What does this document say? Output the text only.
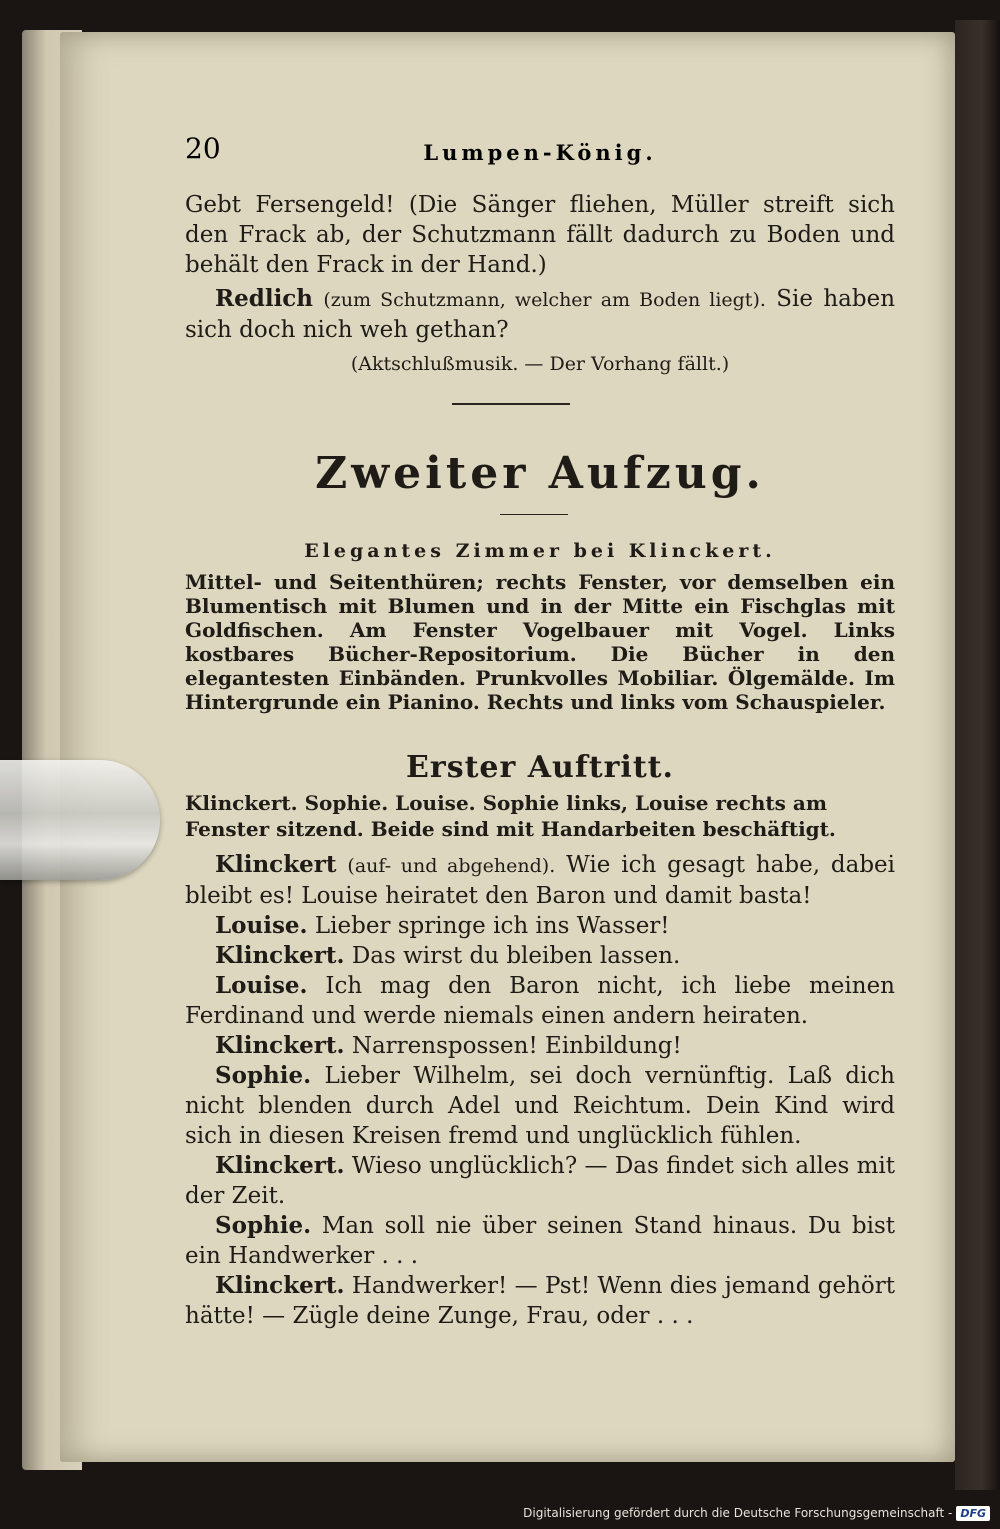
20	Lumpen-König.

Gebt Fersengeld! (Die Sänger fliehen, Müller streift sich den Frack ab, der Schutzmann fällt dadurch zu Boden und behält den Frack in der Hand.)

Redlich (zum Schutzmann, welcher am Boden liegt). Sie haben sich doch nich weh gethan?

(Aktschlußmusik. — Der Vorhang fällt.)

Zweiter Aufzug.
Elegantes Zimmer bei Klinckert.

Mittel- und Seitenthüren; rechts Fenster, vor demselben ein Blumentisch mit Blumen und in der Mitte ein Fischglas mit Goldfischen. Am Fenster Vogelbauer mit Vogel. Links kostbares Bücher-Repositorium. Die Bücher in den elegantesten Einbänden. Prunkvolles Mobiliar. Ölgemälde. Im Hintergrunde ein Pianino. Rechts und links vom Schauspieler.

Erster Auftritt.

Klinckert. Sophie. Louise. Sophie links, Louise rechts am Fenster sitzend. Beide sind mit Handarbeiten beschäftigt.

Klinckert (auf- und abgehend). Wie ich gesagt habe, dabei bleibt es! Louise heiratet den Baron und damit basta!

Louise. Lieber springe ich ins Wasser!

Klinckert. Das wirst du bleiben lassen.

Louise. Ich mag den Baron nicht, ich liebe meinen Ferdinand und werde niemals einen andern heiraten.

Klinckert. Narrenspossen! Einbildung!

Sophie. Lieber Wilhelm, sei doch vernünftig. Laß dich nicht blenden durch Adel und Reichtum. Dein Kind wird sich in diesen Kreisen fremd und unglücklich fühlen.

Klinckert. Wieso unglücklich? — Das findet sich alles mit der Zeit.

Sophie. Man soll nie über seinen Stand hinaus. Du bist ein Handwerker . . .

Klinckert. Handwerker! — Pst! Wenn dies jemand gehört hätte! — Zügle deine Zunge, Frau, oder . . .

Digitalisierung gefördert durch die Deutsche Forschungsgemeinschaft - DFG
